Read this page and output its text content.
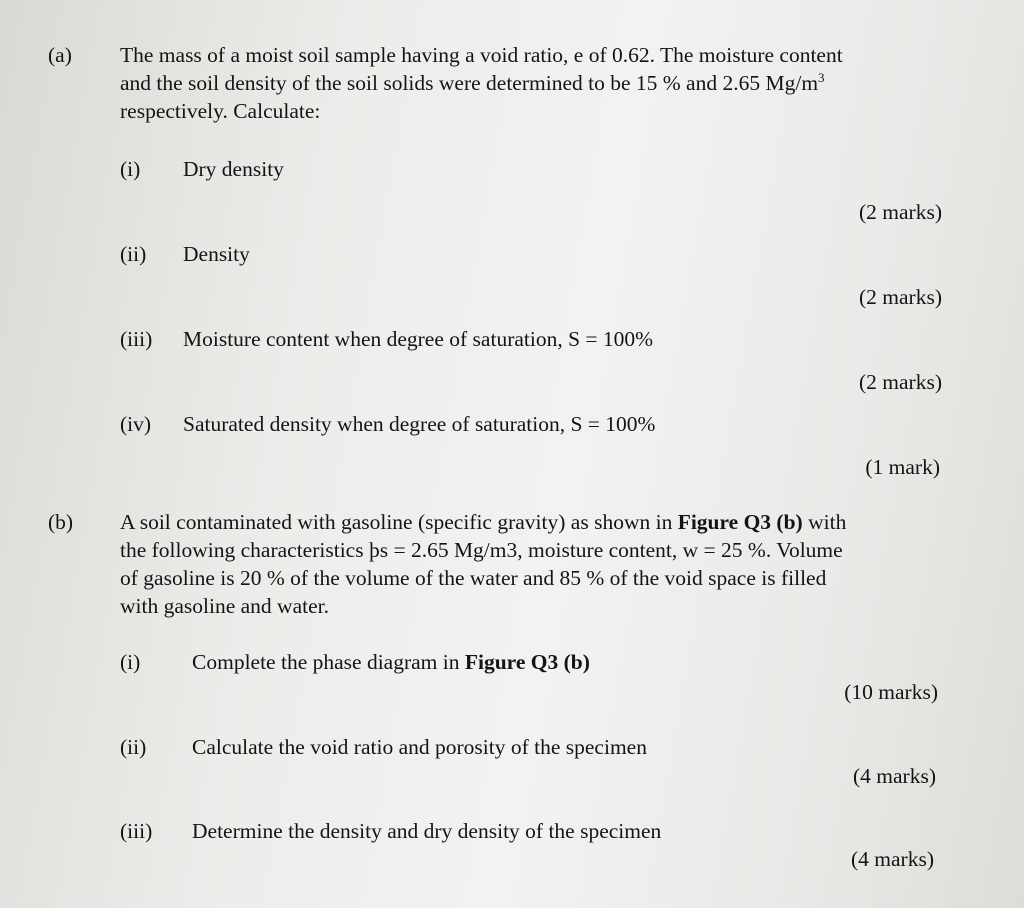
(a) The mass of a moist soil sample having a void ratio, e of 0.62. The moisture content
and the soil density of the soil solids were determined to be 15 % and 2.65 $Mg/m^3$
respectively. Calculate:
(i) Dry density
(2 marks)
(ii) Density
(2 marks)
(iii) Moisture content when degree of saturation, S = 100%
(2 marks)
(iv) Saturated density when degree of saturation, S = 100%
(1 mark)
(b) A soil contaminated with gasoline (specific gravity) as shown in Figure Q3 (b) with
the following characteristics þs = 2.65 Mg/m3, moisture content, w = 25 %. Volume
of gasoline is 20 % of the volume of the water and 85 % of the void space is filled
with gasoline and water.
(i) Complete the phase diagram in Figure Q3 (b)
(10 marks)
(ii) Calculate the void ratio and porosity of the specimen
(4 marks)
(iii) Determine the density and dry density of the specimen
(4 marks)
